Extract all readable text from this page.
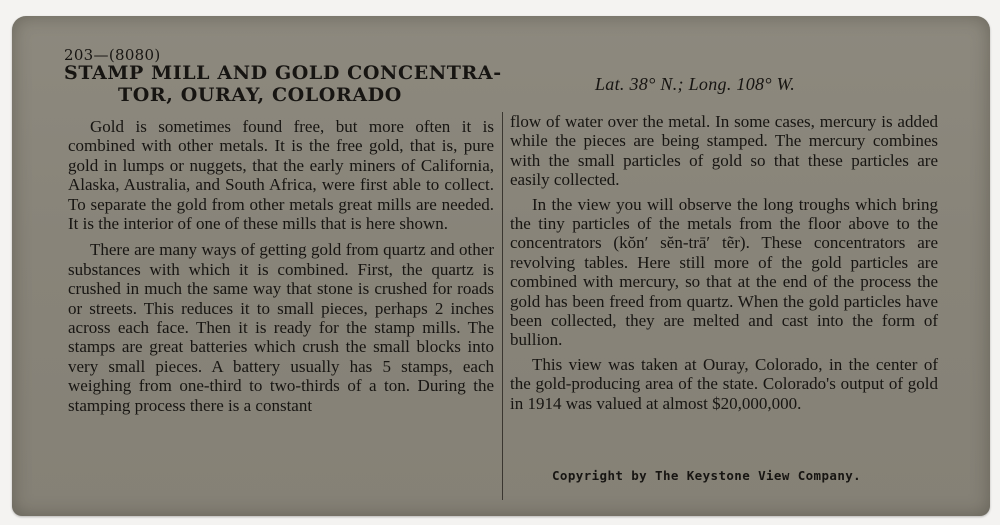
203—(8080)
STAMP MILL AND GOLD CONCENTRA-
TOR, OURAY, COLORADO	Lat. 38° N.; Long. 108° W.

Gold is sometimes found free, but more often it is combined with other metals. It is the free gold, that is, pure gold in lumps or nuggets, that the early miners of California, Alaska, Australia, and South Africa, were first able to collect. To separate the gold from other metals great mills are needed. It is the interior of one of these mills that is here shown.

There are many ways of getting gold from quartz and other substances with which it is combined. First, the quartz is crushed in much the same way that stone is crushed for roads or streets. This reduces it to small pieces, perhaps 2 inches across each face. Then it is ready for the stamp mills. The stamps are great batteries which crush the small blocks into very small pieces. A battery usually has 5 stamps, each weighing from one-third to two-thirds of a ton. During the stamping process there is a constant

flow of water over the metal. In some cases, mercury is added while the pieces are being stamped. The mercury combines with the small particles of gold so that these particles are easily collected.

In the view you will observe the long troughs which bring the tiny particles of the metals from the floor above to the concentrators (kŏn′ sĕn-trā′ tẽr). These concentrators are revolving tables. Here still more of the gold particles are combined with mercury, so that at the end of the process the gold has been freed from quartz. When the gold particles have been collected, they are melted and cast into the form of bullion.

This view was taken at Ouray, Colorado, in the center of the gold-producing area of the state. Colorado's output of gold in 1914 was valued at almost $20,000,000.

Copyright by The Keystone View Company.
